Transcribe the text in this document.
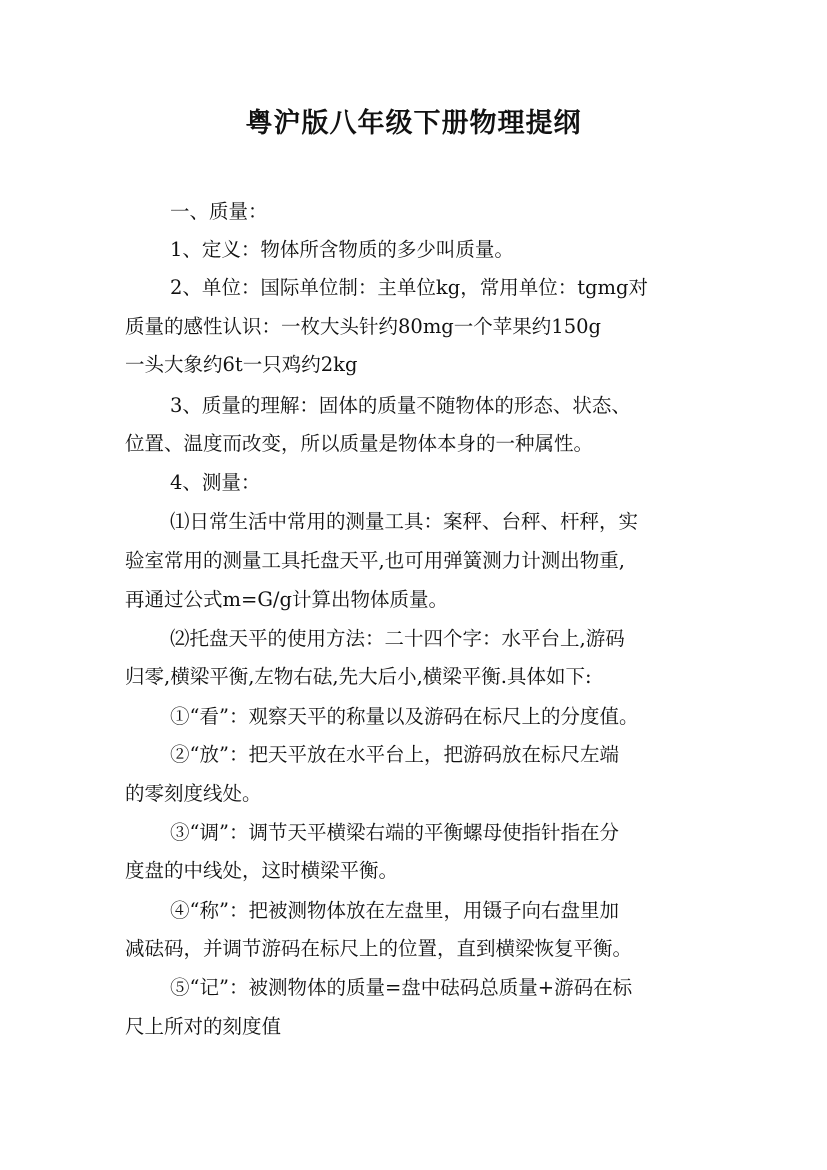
粤沪版八年级下册物理提纲

一、质量：

1、定义：物体所含物质的多少叫质量。

2、单位：国际单位制：主单位kg，常用单位：tgmg对

质量的感性认识：一枚大头针约80mg一个苹果约150g

一头大象约6t一只鸡约2kg

3、质量的理解：固体的质量不随物体的形态、状态、

位置、温度而改变，所以质量是物体本身的一种属性。

4、测量：

⑴日常生活中常用的测量工具：案秤、台秤、杆秤，实

验室常用的测量工具托盘天平,也可用弹簧测力计测出物重,

再通过公式m=G/g计算出物体质量。

⑵托盘天平的使用方法：二十四个字：水平台上,游码

归零,横梁平衡,左物右砝,先大后小,横梁平衡.具体如下:

①“看”：观察天平的称量以及游码在标尺上的分度值。

②“放”：把天平放在水平台上，把游码放在标尺左端

的零刻度线处。

③“调”：调节天平横梁右端的平衡螺母使指针指在分

度盘的中线处，这时横梁平衡。

④“称”：把被测物体放在左盘里，用镊子向右盘里加

减砝码，并调节游码在标尺上的位置，直到横梁恢复平衡。

⑤“记”：被测物体的质量=盘中砝码总质量+游码在标

尺上所对的刻度值
